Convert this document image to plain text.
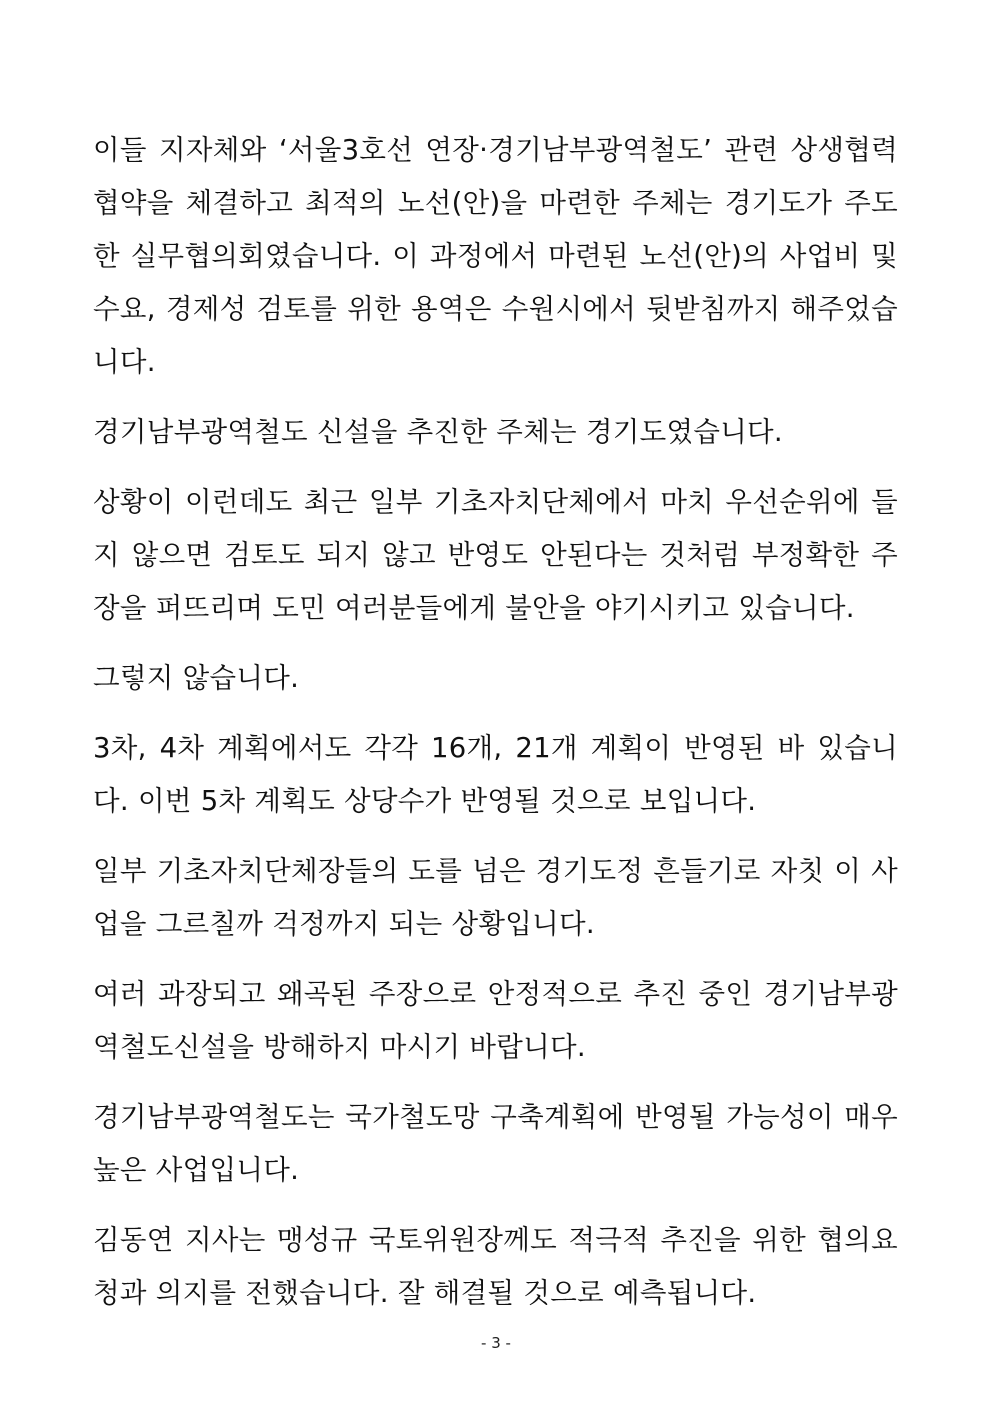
이들 지자체와 ‘서울3호선 연장·경기남부광역철도’ 관련 상생협력 협약을 체결하고 최적의 노선(안)을 마련한 주체는 경기도가 주도한 실무협의회였습니다. 이 과정에서 마련된 노선(안)의 사업비 및 수요, 경제성 검토를 위한 용역은 수원시에서 뒷받침까지 해주었습니다.

경기남부광역철도 신설을 추진한 주체는 경기도였습니다.

상황이 이런데도 최근 일부 기초자치단체에서 마치 우선순위에 들지 않으면 검토도 되지 않고 반영도 안된다는 것처럼 부정확한 주장을 퍼뜨리며 도민 여러분들에게 불안을 야기시키고 있습니다.

그렇지 않습니다.

3차, 4차 계획에서도 각각 16개, 21개 계획이 반영된 바 있습니다. 이번 5차 계획도 상당수가 반영될 것으로 보입니다.

일부 기초자치단체장들의 도를 넘은 경기도정 흔들기로 자칫 이 사업을 그르칠까 걱정까지 되는 상황입니다.

여러 과장되고 왜곡된 주장으로 안정적으로 추진 중인 경기남부광역철도신설을 방해하지 마시기 바랍니다.

경기남부광역철도는 국가철도망 구축계획에 반영될 가능성이 매우 높은 사업입니다.

김동연 지사는 맹성규 국토위원장께도 적극적 추진을 위한 협의요청과 의지를 전했습니다. 잘 해결될 것으로 예측됩니다.

- 3 -
